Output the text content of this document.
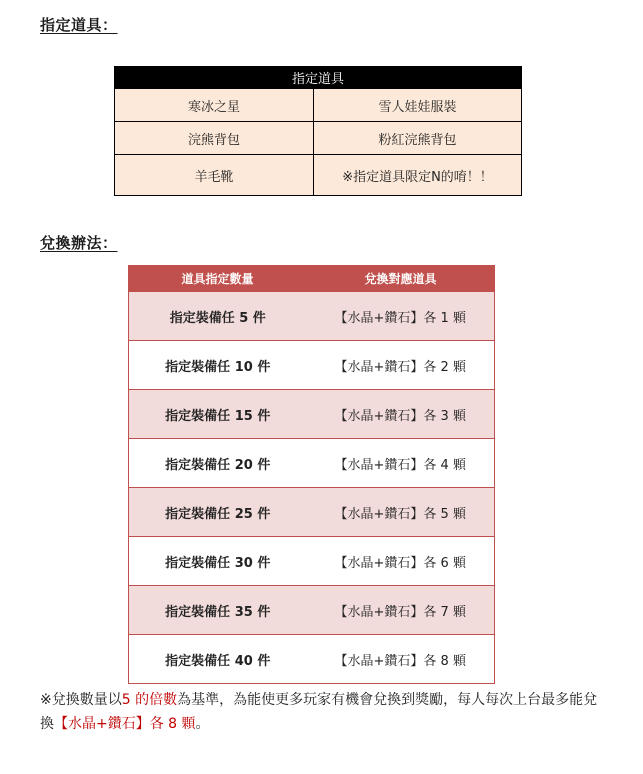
指定道具：
指定道具	
寒冰之星	雪人娃娃服裝
浣熊背包	粉紅浣熊背包
羊毛靴	※指定道具限定N的唷！！
兌換辦法：
道具指定數量	兌換對應道具
指定裝備任 5 件	【水晶+鑽石】各 1 顆
指定裝備任 10 件	【水晶+鑽石】各 2 顆
指定裝備任 15 件	【水晶+鑽石】各 3 顆
指定裝備任 20 件	【水晶+鑽石】各 4 顆
指定裝備任 25 件	【水晶+鑽石】各 5 顆
指定裝備任 30 件	【水晶+鑽石】各 6 顆
指定裝備任 35 件	【水晶+鑽石】各 7 顆
指定裝備任 40 件	【水晶+鑽石】各 8 顆

※兌換數量以5 的倍數為基準，為能使更多玩家有機會兌換到獎勵，每人每次上台最多能兌換【水晶+鑽石】各 8 顆。
